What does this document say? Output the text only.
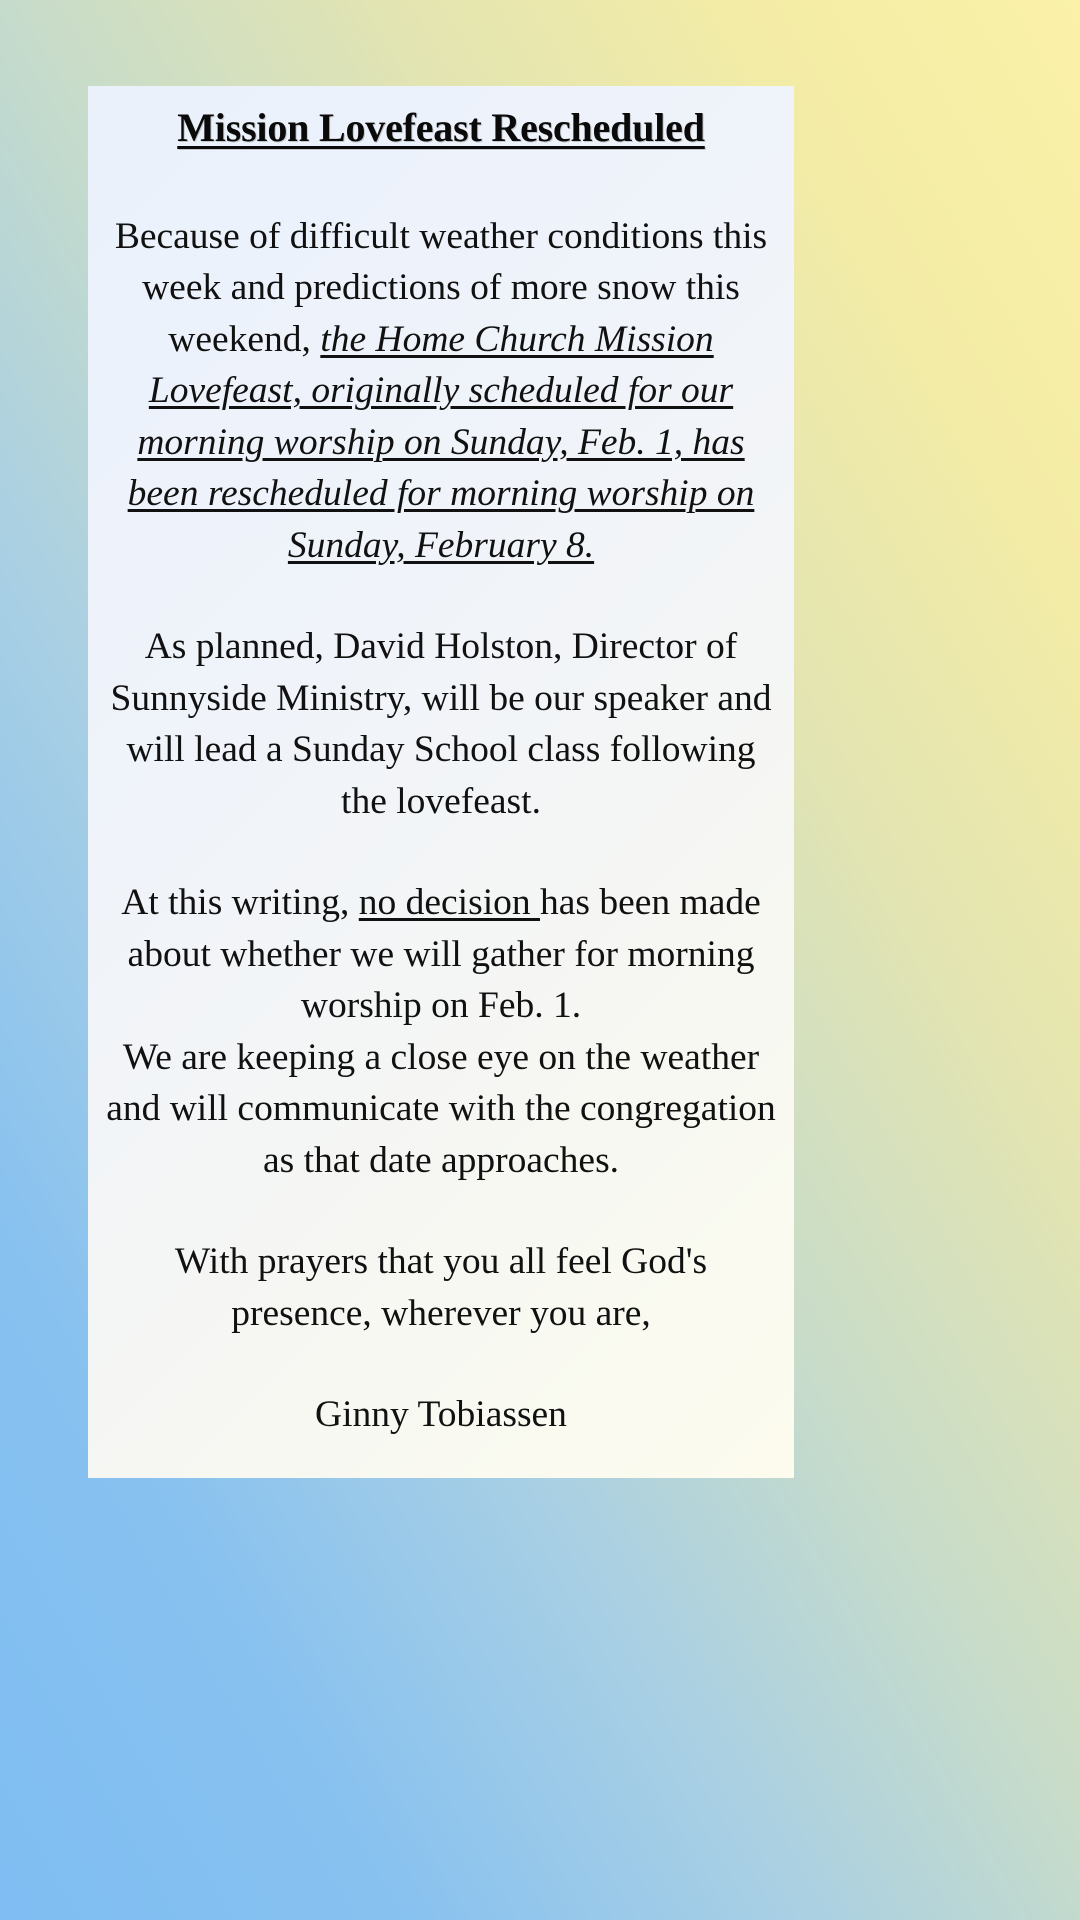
Mission Lovefeast Rescheduled

Because of difficult weather conditions this week and predictions of more snow this weekend, the Home Church Mission Lovefeast, originally scheduled for our morning worship on Sunday, Feb. 1, has been rescheduled for morning worship on Sunday, February 8.

As planned, David Holston, Director of Sunnyside Ministry, will be our speaker and will lead a Sunday School class following the lovefeast.

At this writing, no decision has been made about whether we will gather for morning worship on Feb. 1.

We are keeping a close eye on the weather and will communicate with the congregation as that date approaches.

With prayers that you all feel God's presence, wherever you are,

Ginny Tobiassen
